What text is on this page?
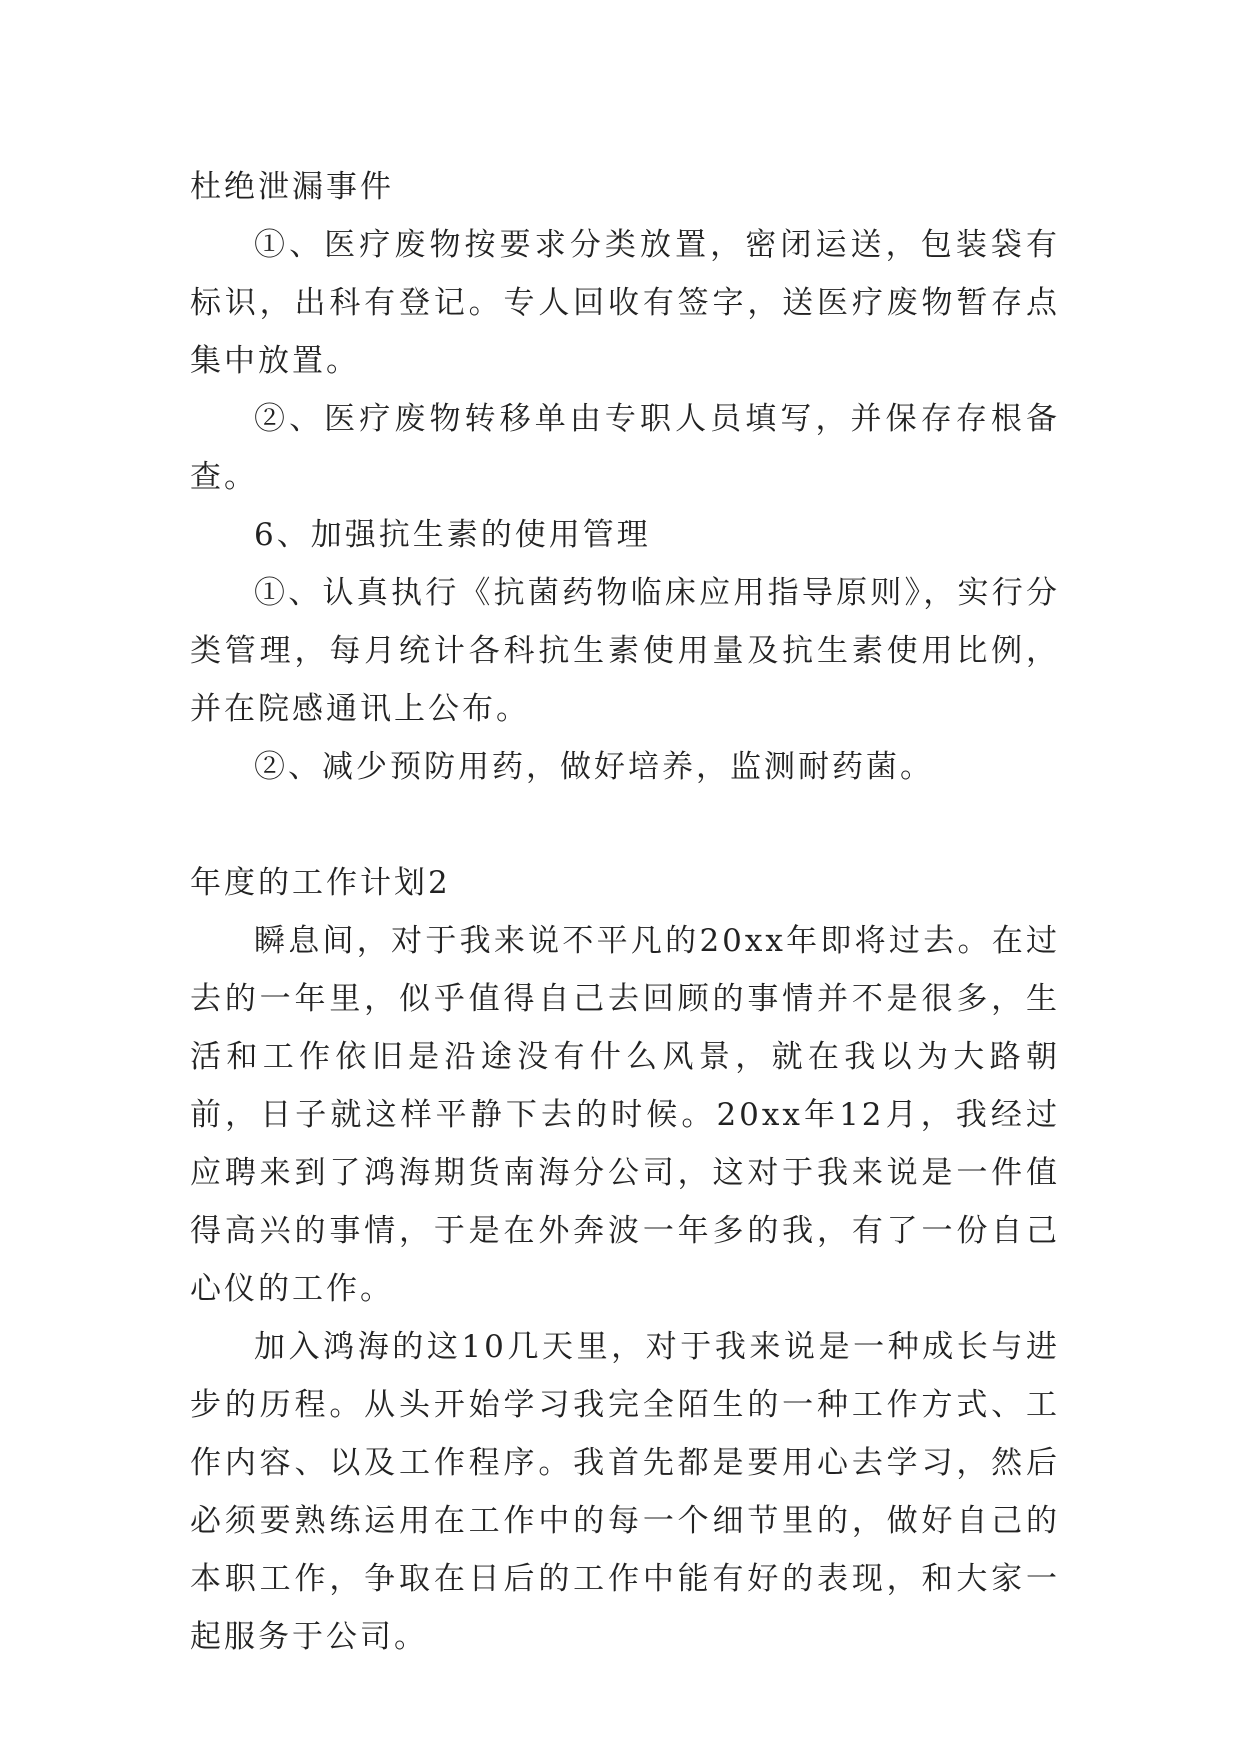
杜绝泄漏事件

①、医疗废物按要求分类放置，密闭运送，包装袋有标识，出科有登记。专人回收有签字，送医疗废物暂存点集中放置。

②、医疗废物转移单由专职人员填写，并保存存根备查。

6、加强抗生素的使用管理

①、认真执行《抗菌药物临床应用指导原则》，实行分类管理，每月统计各科抗生素使用量及抗生素使用比例，并在院感通讯上公布。

②、减少预防用药，做好培养，监测耐药菌。

年度的工作计划2

瞬息间，对于我来说不平凡的20xx年即将过去。在过去的一年里，似乎值得自己去回顾的事情并不是很多，生活和工作依旧是沿途没有什么风景，就在我以为大路朝前，日子就这样平静下去的时候。20xx年12月，我经过应聘来到了鸿海期货南海分公司，这对于我来说是一件值得高兴的事情，于是在外奔波一年多的我，有了一份自己心仪的工作。

加入鸿海的这10几天里，对于我来说是一种成长与进步的历程。从头开始学习我完全陌生的一种工作方式、工作内容、以及工作程序。我首先都是要用心去学习，然后必须要熟练运用在工作中的每一个细节里的，做好自己的本职工作，争取在日后的工作中能有好的表现，和大家一起服务于公司。
